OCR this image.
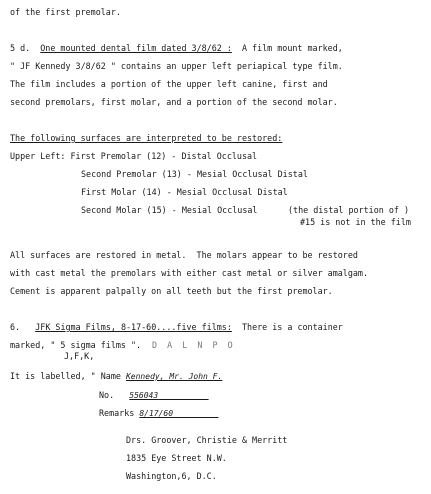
of the first premolar.
5 d. One mounted dental film dated 3/8/62 : A film mount marked,
" JF Kennedy 3/8/62 " contains an upper left periapical type film.
The film includes a portion of the upper left canine, first and
second premolars, first molar, and a portion of the second molar.
The following surfaces are interpreted to be restored:
Upper Left: First Premolar (12) - Distal Occlusal
Second Premolar (13) - Mesial Occlusal Distal
First Molar (14) - Mesial Occlusal Distal
Second Molar (15) - Mesial Occlusal	(the distal portion of )
#15 is not in the film
All surfaces are restored in metal.  The molars appear to be restored
with cast metal the premolars with either cast metal or silver amalgam.
Cement is apparent palpally on all teeth but the first premolar.
6. JFK Sigma Films, 8-17-60....five films: There is a container
marked, " 5 sigma films ". D  A  L  N  P  O
J,F,K,
It is labelled, " Name Kennedy, Mr. John F.
No. 556043
Remarks 8/17/60
Drs. Groover, Christie & Merritt
1835 Eye Street N.W.
Washington,6, D.C.
